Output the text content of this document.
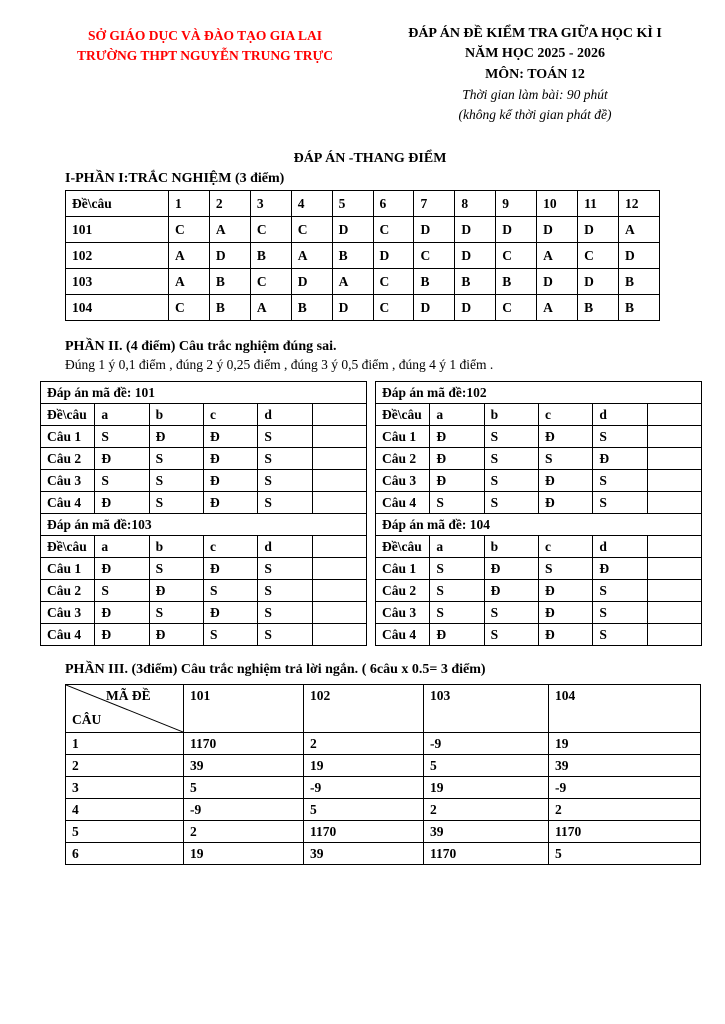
SỞ GIÁO DỤC VÀ ĐÀO TẠO GIA LAI
TRƯỜNG THPT NGUYỄN TRUNG TRỰC
ĐÁP ÁN ĐỀ KIỂM TRA GIỮA HỌC KÌ I
NĂM HỌC 2025 - 2026
MÔN: TOÁN 12
Thời gian làm bài: 90 phút
(không kể thời gian phát đề)
ĐÁP ÁN -THANG ĐIỂM
I-PHẦN I:TRẮC NGHIỆM (3 điểm)
Đề\câu	1	2	3	4	5	6	7	8	9	10	11	12
101	C	A	C	C	D	C	D	D	D	D	D	A
102	A	D	B	A	B	D	C	D	C	A	C	D
103	A	B	C	D	A	C	B	B	B	D	D	B
104	C	B	A	B	D	C	D	D	C	A	B	B
PHẦN II. (4 điểm) Câu trắc nghiệm đúng sai.
Đúng 1 ý 0,1 điểm , đúng 2 ý 0,25 điểm , đúng 3 ý 0,5 điểm , đúng 4 ý 1 điểm .
Đáp án mã đề: 101					
Đề\câu	a	b	c	d	
Câu 1	S	Đ	Đ	S	
Câu 2	Đ	S	Đ	S	
Câu 3	S	S	Đ	S	
Câu 4	Đ	S	Đ	S	
Đáp án mã đề:102					
Đề\câu	a	b	c	d	
Câu 1	Đ	S	Đ	S	
Câu 2	Đ	S	S	Đ	
Câu 3	Đ	S	Đ	S	
Câu 4	S	S	Đ	S	
Đáp án mã đề:103					
Đề\câu	a	b	c	d	
Câu 1	Đ	S	Đ	S	
Câu 2	S	Đ	S	S	
Câu 3	Đ	S	Đ	S	
Câu 4	Đ	Đ	S	S	
Đáp án mã đề: 104					
Đề\câu	a	b	c	d	
Câu 1	S	Đ	S	Đ	
Câu 2	S	Đ	Đ	S	
Câu 3	S	S	Đ	S	
Câu 4	Đ	S	Đ	S	
PHẦN III. (3điểm) Câu trắc nghiệm trả lời ngắn. ( 6câu x 0.5= 3 điểm)
MÃ ĐỀ
CÂU	101	102	103	104
1	1170	2	-9	19
2	39	19	5	39
3	5	-9	19	-9
4	-9	5	2	2
5	2	1170	39	1170
6	19	39	1170	5
